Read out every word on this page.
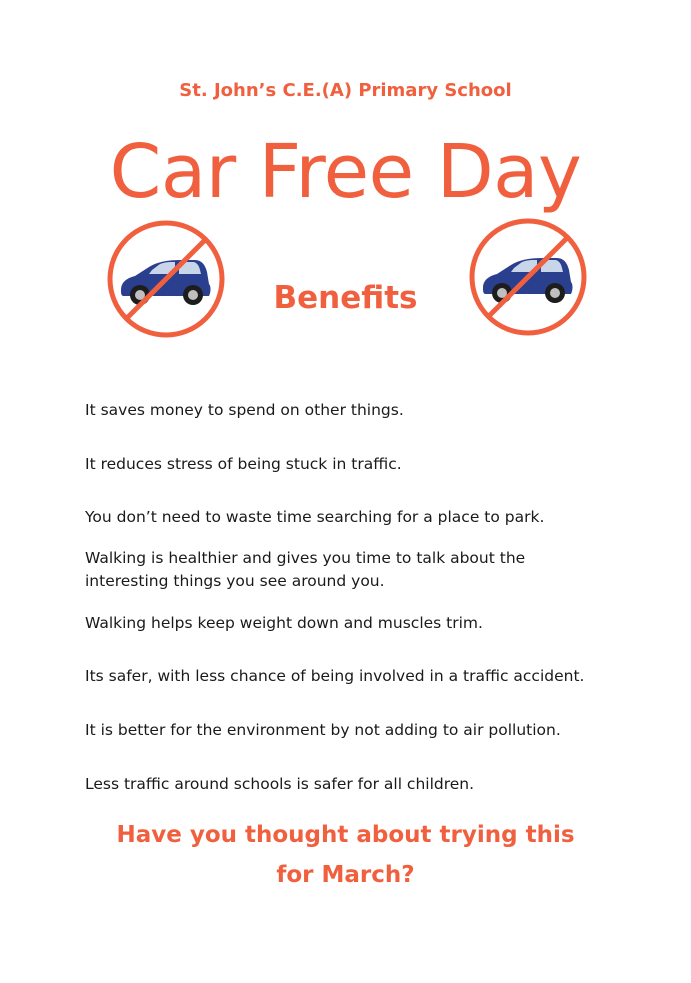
St. John’s C.E.(A) Primary School
Car Free Day
Benefits
It saves money to spend on other things.
It reduces stress of being stuck in traffic.
You don’t need to waste time searching for a place to park.
Walking is healthier and gives you time to talk about the interesting things you see around you.
Walking helps keep weight down and muscles trim.
Its safer, with less chance of being involved in a traffic accident.
It is better for the environment by not adding to air pollution.
Less traffic around schools is safer for all children.
Have you thought about trying this for March?
